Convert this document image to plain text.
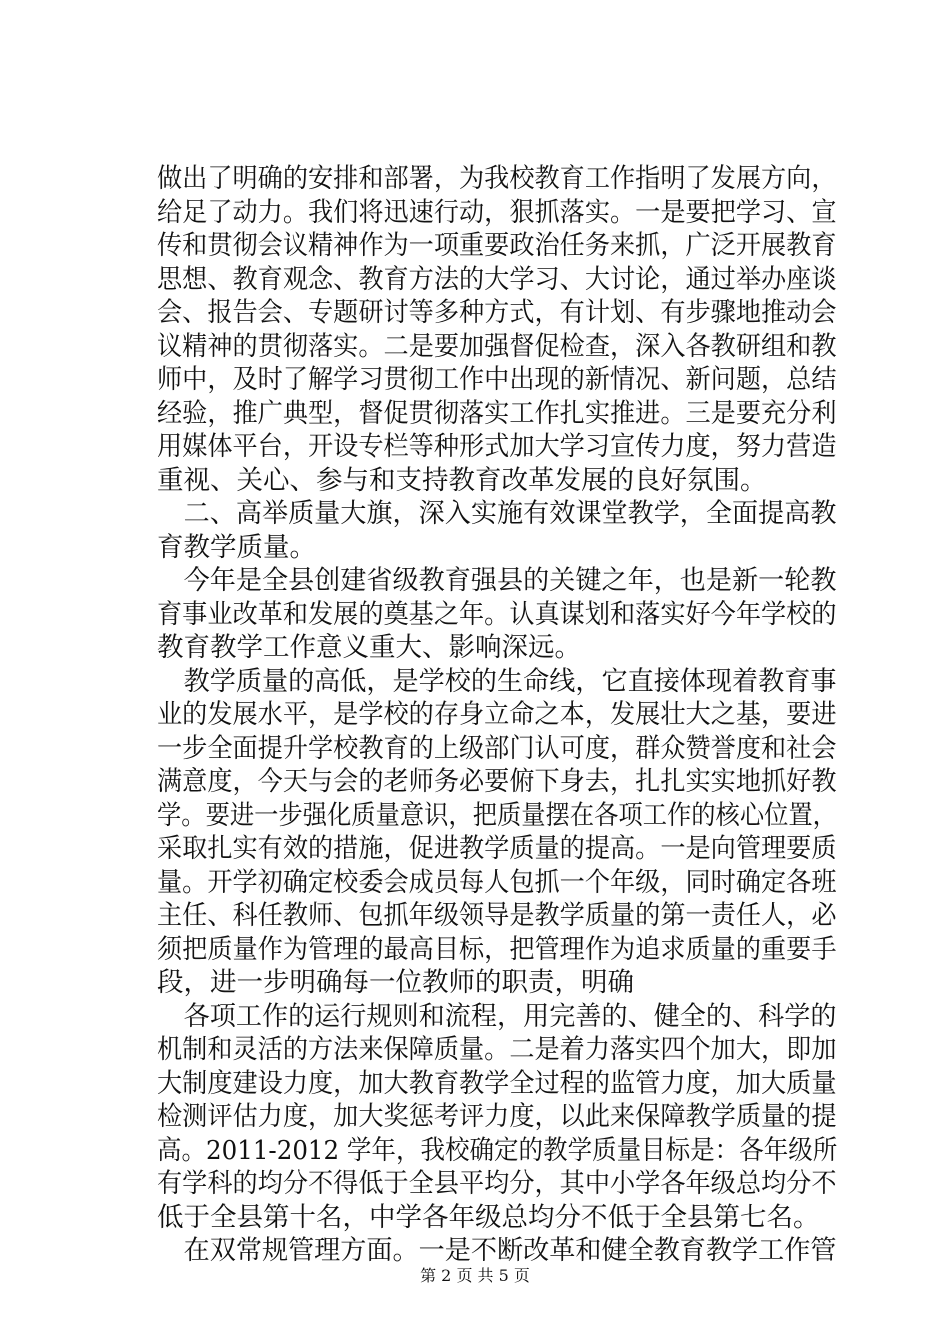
做出了明确的安排和部署，为我校教育工作指明了发展方向，
给足了动力。我们将迅速行动，狠抓落实。一是要把学习、宣
传和贯彻会议精神作为一项重要政治任务来抓，广泛开展教育
思想、教育观念、教育方法的大学习、大讨论，通过举办座谈
会、报告会、专题研讨等多种方式，有计划、有步骤地推动会
议精神的贯彻落实。二是要加强督促检查，深入各教研组和教
师中，及时了解学习贯彻工作中出现的新情况、新问题，总结
经验，推广典型，督促贯彻落实工作扎实推进。三是要充分利
用媒体平台，开设专栏等种形式加大学习宣传力度，努力营造
重视、关心、参与和支持教育改革发展的良好氛围。
二、高举质量大旗，深入实施有效课堂教学，全面提高教
育教学质量。
今年是全县创建省级教育强县的关键之年，也是新一轮教
育事业改革和发展的奠基之年。认真谋划和落实好今年学校的
教育教学工作意义重大、影响深远。
教学质量的高低，是学校的生命线，它直接体现着教育事
业的发展水平，是学校的存身立命之本，发展壮大之基，要进
一步全面提升学校教育的上级部门认可度，群众赞誉度和社会
满意度，今天与会的老师务必要俯下身去，扎扎实实地抓好教
学。要进一步强化质量意识，把质量摆在各项工作的核心位置，
采取扎实有效的措施，促进教学质量的提高。一是向管理要质
量。开学初确定校委会成员每人包抓一个年级，同时确定各班
主任、科任教师、包抓年级领导是教学质量的第一责任人，必
须把质量作为管理的最高目标，把管理作为追求质量的重要手
段，进一步明确每一位教师的职责，明确
各项工作的运行规则和流程，用完善的、健全的、科学的
机制和灵活的方法来保障质量。二是着力落实四个加大，即加
大制度建设力度，加大教育教学全过程的监管力度，加大质量
检测评估力度，加大奖惩考评力度，以此来保障教学质量的提
高。2011-2012 学年，我校确定的教学质量目标是：各年级所
有学科的均分不得低于全县平均分，其中小学各年级总均分不
低于全县第十名，中学各年级总均分不低于全县第七名。
在双常规管理方面。一是不断改革和健全教育教学工作管
第 2 页 共 5 页
